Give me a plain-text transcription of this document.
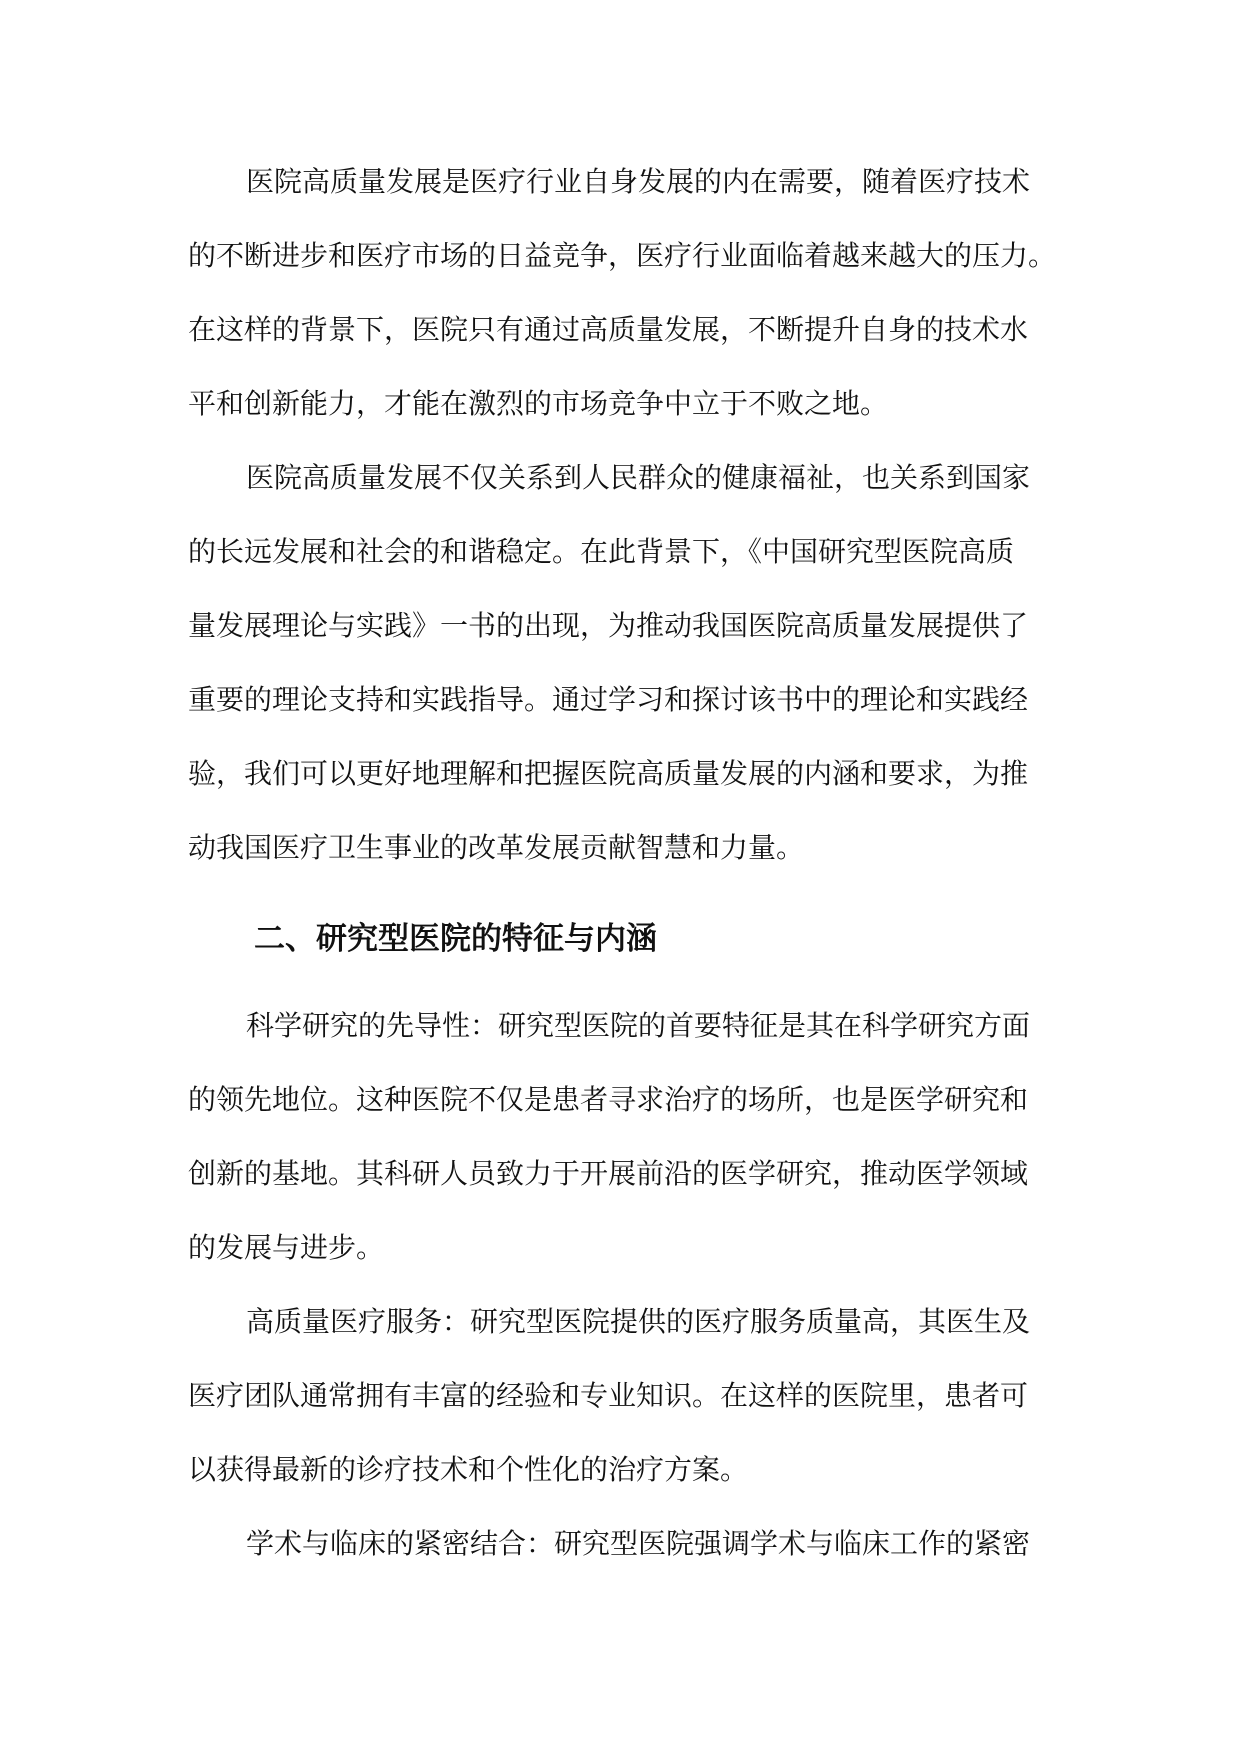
医院高质量发展是医疗行业自身发展的内在需要，随着医疗技术
的不断进步和医疗市场的日益竞争，医疗行业面临着越来越大的压力。
在这样的背景下，医院只有通过高质量发展，不断提升自身的技术水
平和创新能力，才能在激烈的市场竞争中立于不败之地。
医院高质量发展不仅关系到人民群众的健康福祉，也关系到国家
的长远发展和社会的和谐稳定。在此背景下，《中国研究型医院高质
量发展理论与实践》一书的出现，为推动我国医院高质量发展提供了
重要的理论支持和实践指导。通过学习和探讨该书中的理论和实践经
验，我们可以更好地理解和把握医院高质量发展的内涵和要求，为推
动我国医疗卫生事业的改革发展贡献智慧和力量。
二、研究型医院的特征与内涵
科学研究的先导性：研究型医院的首要特征是其在科学研究方面
的领先地位。这种医院不仅是患者寻求治疗的场所，也是医学研究和
创新的基地。其科研人员致力于开展前沿的医学研究，推动医学领域
的发展与进步。
高质量医疗服务：研究型医院提供的医疗服务质量高，其医生及
医疗团队通常拥有丰富的经验和专业知识。在这样的医院里，患者可
以获得最新的诊疗技术和个性化的治疗方案。
学术与临床的紧密结合：研究型医院强调学术与临床工作的紧密
